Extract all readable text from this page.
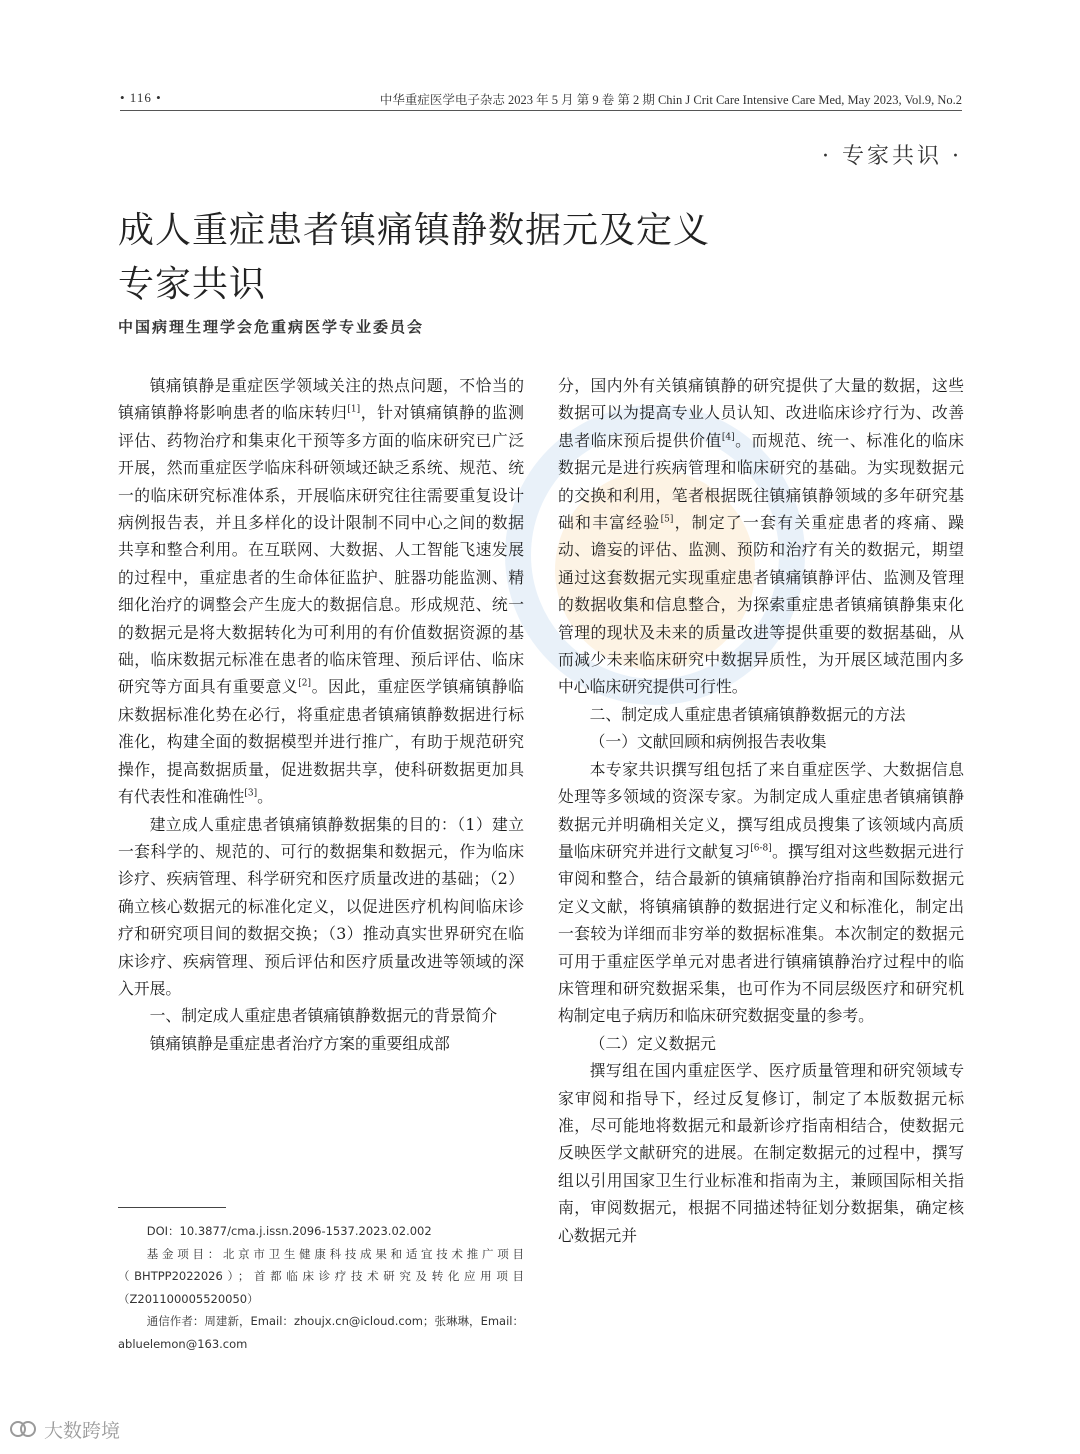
• 116 •	中华重症医学电子杂志 2023 年 5 月 第 9 卷 第 2 期 Chin J Crit Care Intensive Care Med, May 2023, Vol.9, No.2
· 专家共识 ·
成人重症患者镇痛镇静数据元及定义
专家共识
中国病理生理学会危重病医学专业委员会

镇痛镇静是重症医学领域关注的热点问题，不恰当的镇痛镇静将影响患者的临床转归[1]，针对镇痛镇静的监测评估、药物治疗和集束化干预等多方面的临床研究已广泛开展，然而重症医学临床科研领域还缺乏系统、规范、统一的临床研究标准体系，开展临床研究往往需要重复设计病例报告表，并且多样化的设计限制不同中心之间的数据共享和整合利用。在互联网、大数据、人工智能飞速发展的过程中，重症患者的生命体征监护、脏器功能监测、精细化治疗的调整会产生庞大的数据信息。形成规范、统一的数据元是将大数据转化为可利用的有价值数据资源的基础，临床数据元标准在患者的临床管理、预后评估、临床研究等方面具有重要意义[2]。因此，重症医学镇痛镇静临床数据标准化势在必行，将重症患者镇痛镇静数据进行标准化，构建全面的数据模型并进行推广，有助于规范研究操作，提高数据质量，促进数据共享，使科研数据更加具有代表性和准确性[3]。

建立成人重症患者镇痛镇静数据集的目的：（1）建立一套科学的、规范的、可行的数据集和数据元，作为临床诊疗、疾病管理、科学研究和医疗质量改进的基础；（2）确立核心数据元的标准化定义，以促进医疗机构间临床诊疗和研究项目间的数据交换；（3）推动真实世界研究在临床诊疗、疾病管理、预后评估和医疗质量改进等领域的深入开展。

一、制定成人重症患者镇痛镇静数据元的背景简介

镇痛镇静是重症患者治疗方案的重要组成部

分，国内外有关镇痛镇静的研究提供了大量的数据，这些数据可以为提高专业人员认知、改进临床诊疗行为、改善患者临床预后提供价值[4]。而规范、统一、标准化的临床数据元是进行疾病管理和临床研究的基础。为实现数据元的交换和利用，笔者根据既往镇痛镇静领域的多年研究基础和丰富经验[5]，制定了一套有关重症患者的疼痛、躁动、谵妄的评估、监测、预防和治疗有关的数据元，期望通过这套数据元实现重症患者镇痛镇静评估、监测及管理的数据收集和信息整合，为探索重症患者镇痛镇静集束化管理的现状及未来的质量改进等提供重要的数据基础，从而减少未来临床研究中数据异质性，为开展区域范围内多中心临床研究提供可行性。

二、制定成人重症患者镇痛镇静数据元的方法

（一）文献回顾和病例报告表收集

本专家共识撰写组包括了来自重症医学、大数据信息处理等多领域的资深专家。为制定成人重症患者镇痛镇静数据元并明确相关定义，撰写组成员搜集了该领域内高质量临床研究并进行文献复习[6-8]。撰写组对这些数据元进行审阅和整合，结合最新的镇痛镇静治疗指南和国际数据元定义文献，将镇痛镇静的数据进行定义和标准化，制定出一套较为详细而非穷举的数据标准集。本次制定的数据元可用于重症医学单元对患者进行镇痛镇静治疗过程中的临床管理和研究数据采集，也可作为不同层级医疗和研究机构制定电子病历和临床研究数据变量的参考。

（二）定义数据元

撰写组在国内重症医学、医疗质量管理和研究领域专家审阅和指导下，经过反复修订，制定了本版数据元标准，尽可能地将数据元和最新诊疗指南相结合，使数据元反映医学文献研究的进展。在制定数据元的过程中，撰写组以引用国家卫生行业标准和指南为主，兼顾国际相关指南，审阅数据元，根据不同描述特征划分数据集，确定核心数据元并

DOI：10.3877/cma.j.issn.2096-1537.2023.02.002

基金项目：北京市卫生健康科技成果和适宜技术推广项目（BHTPP2022026）；首都临床诊疗技术研究及转化应用项目（Z201100005520050）

通信作者：周建新，Email：zhoujx.cn@icloud.com；张琳琳，Email：abluelemon@163.com

大数跨境
